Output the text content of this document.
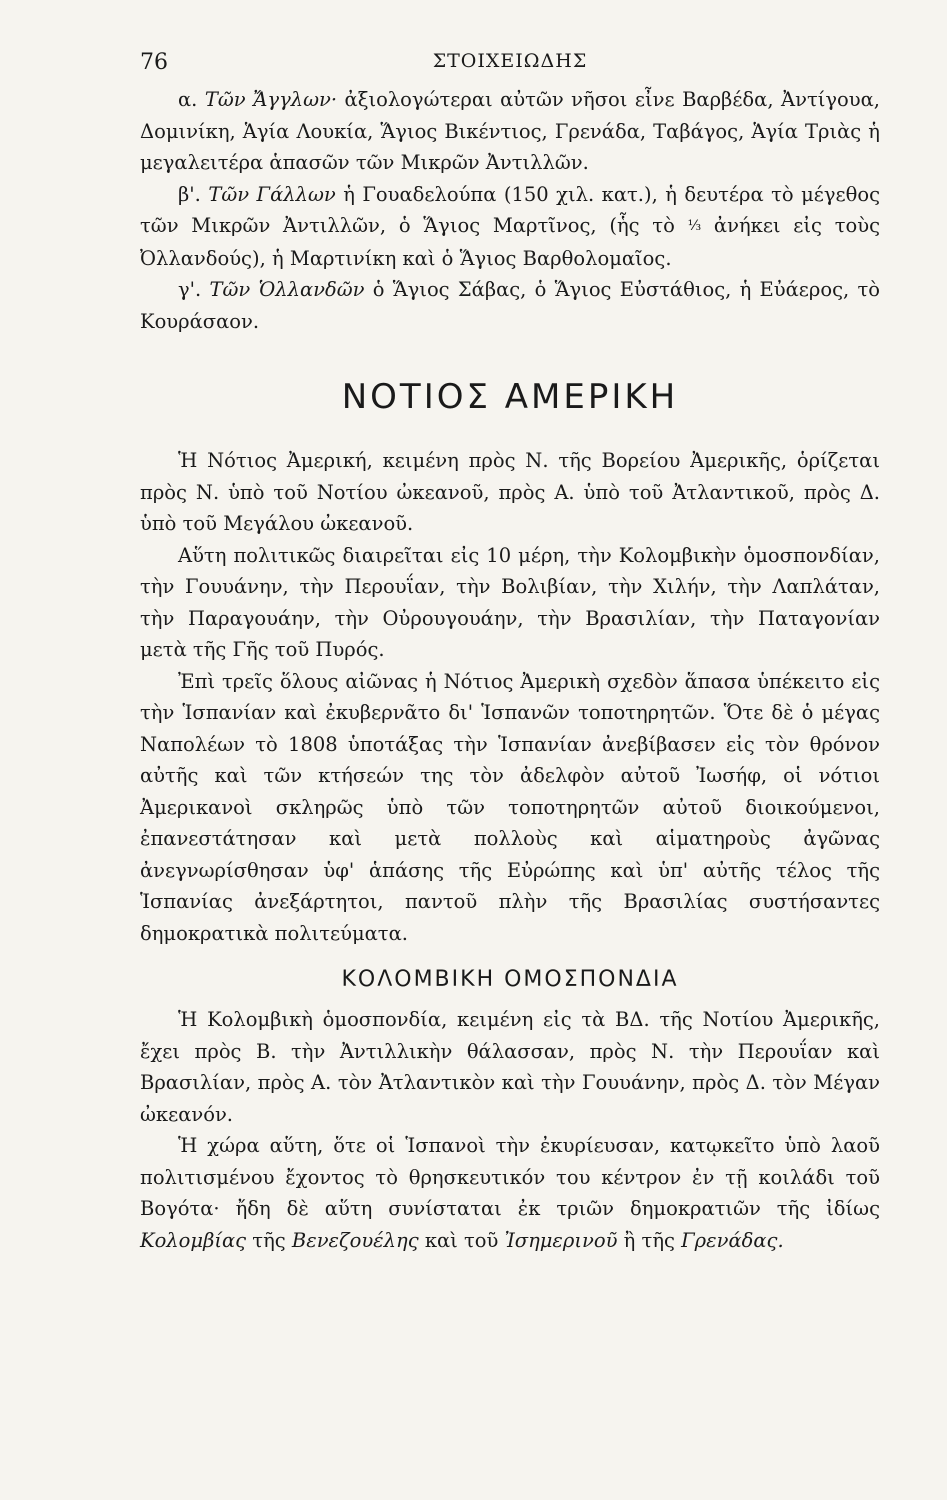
76	ΣΤΟΙΧΕΙΩΔΗΣ

α. Τῶν Ἄγγλων· ἀξιολογώτεραι αὐτῶν νῆσοι εἶνε Βαρβέδα, Ἀντίγουα, Δομινίκη, Ἁγία Λουκία, Ἅγιος Βικέντιος, Γρενάδα, Ταβάγος, Ἁγία Τριὰς ἡ μεγαλειτέρα ἁπασῶν τῶν Μικρῶν Ἀντιλλῶν.

β'. Τῶν Γάλλων ἡ Γουαδελούπα (150 χιλ. κατ.), ἡ δευτέρα τὸ μέγεθος τῶν Μικρῶν Ἀντιλλῶν, ὁ Ἅγιος Μαρτῖνος, (ἧς τὸ ⅓ ἀνήκει εἰς τοὺς Ὀλλανδούς), ἡ Μαρτινίκη καὶ ὁ Ἅγιος Βαρθολομαῖος.

γ'. Τῶν Ὁλλανδῶν ὁ Ἅγιος Σάβας, ὁ Ἅγιος Εὐστάθιος, ἡ Εὐάερος, τὸ Κουράσαον.

ΝΟΤΙΟΣ ΑΜΕΡΙΚΗ

Ἡ Νότιος Ἀμερική, κειμένη πρὸς Ν. τῆς Βορείου Ἀμερικῆς, ὁρίζεται πρὸς Ν. ὑπὸ τοῦ Νοτίου ὠκεανοῦ, πρὸς Α. ὑπὸ τοῦ Ἀτλαντικοῦ, πρὸς Δ. ὑπὸ τοῦ Μεγάλου ὠκεανοῦ.

Αὕτη πολιτικῶς διαιρεῖται εἰς 10 μέρη, τὴν Κολομβικὴν ὁμοσπονδίαν, τὴν Γουυάνην, τὴν Περουΐαν, τὴν Βολιβίαν, τὴν Χιλήν, τὴν Λαπλάταν, τὴν Παραγουάην, τὴν Οὐρουγουάην, τὴν Βρασιλίαν, τὴν Παταγονίαν μετὰ τῆς Γῆς τοῦ Πυρός.

Ἐπὶ τρεῖς ὅλους αἰῶνας ἡ Νότιος Ἀμερικὴ σχεδὸν ἅπασα ὑπέκειτο εἰς τὴν Ἱσπανίαν καὶ ἐκυβερνᾶτο δι' Ἱσπανῶν τοποτηρητῶν. Ὅτε δὲ ὁ μέγας Ναπολέων τὸ 1808 ὑποτάξας τὴν Ἱσπανίαν ἀνεβίβασεν εἰς τὸν θρόνον αὐτῆς καὶ τῶν κτήσεών της τὸν ἀδελφὸν αὐτοῦ Ἰωσήφ, οἱ νότιοι Ἀμερικανοὶ σκληρῶς ὑπὸ τῶν τοποτηρητῶν αὐτοῦ διοικούμενοι, ἐπανεστάτησαν καὶ μετὰ πολλοὺς καὶ αἱματηροὺς ἀγῶνας ἀνεγνωρίσθησαν ὑφ' ἁπάσης τῆς Εὐρώπης καὶ ὑπ' αὐτῆς τέλος τῆς Ἱσπανίας ἀνεξάρτητοι, παντοῦ πλὴν τῆς Βρασιλίας συστήσαντες δημοκρατικὰ πολιτεύματα.

ΚΟΛΟΜΒΙΚΗ ΟΜΟΣΠΟΝΔΙΑ

Ἡ Κολομβικὴ ὁμοσπονδία, κειμένη εἰς τὰ ΒΔ. τῆς Νοτίου Ἀμερικῆς, ἔχει πρὸς Β. τὴν Ἀντιλλικὴν θάλασσαν, πρὸς Ν. τὴν Περουΐαν καὶ Βρασιλίαν, πρὸς Α. τὸν Ἀτλαντικὸν καὶ τὴν Γουυάνην, πρὸς Δ. τὸν Μέγαν ὠκεανόν.

Ἡ χώρα αὕτη, ὅτε οἱ Ἱσπανοὶ τὴν ἐκυρίευσαν, κατῳκεῖτο ὑπὸ λαοῦ πολιτισμένου ἔχοντος τὸ θρησκευτικόν του κέντρον ἐν τῇ κοιλάδι τοῦ Βογότα· ἤδη δὲ αὕτη συνίσταται ἐκ τριῶν δημοκρατιῶν τῆς ἰδίως Κολομβίας τῆς Βενεζουέλης καὶ τοῦ Ἰσημερινοῦ ἢ τῆς Γρενάδας.
